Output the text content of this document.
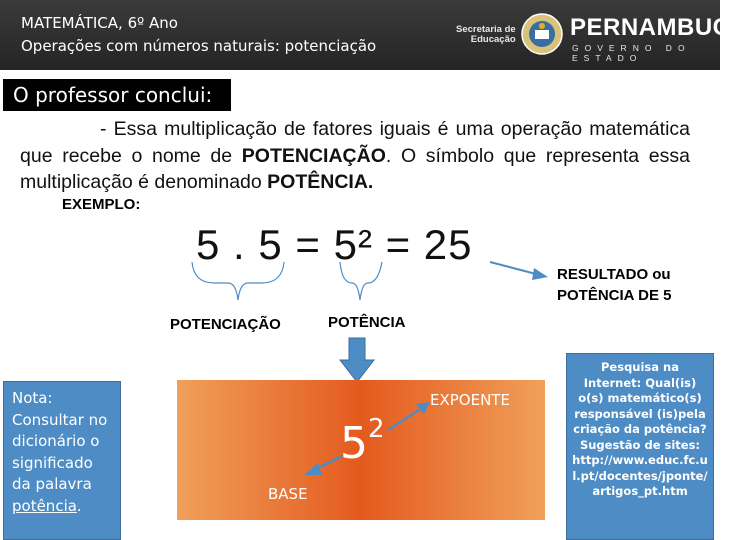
MATEMÁTICA, 6º Ano
Operações com números naturais: potenciação
Secretaria de
Educação PERNAMBUCO
GOVERNO DO ESTADO
O professor conclui:
- Essa multiplicação de fatores iguais é uma operação matemática que recebe o nome de POTENCIAÇÃO. O símbolo que representa essa multiplicação é denominado POTÊNCIA.
EXEMPLO:
5 . 5 = 5² = 25
RESULTADO ou POTÊNCIA DE 5
POTENCIAÇÃO	POTÊNCIA
Nota: Consultar no dicionário o significado da palavra potência.
EXPOENTE
BASE
5 2
Pesquisa na Internet: Qual(is) o(s) matemático(s) responsável (is)pela criação da potência? Sugestão de sites: http://www.educ.fc.ul.pt/docentes/jponte/artigos_pt.htm
